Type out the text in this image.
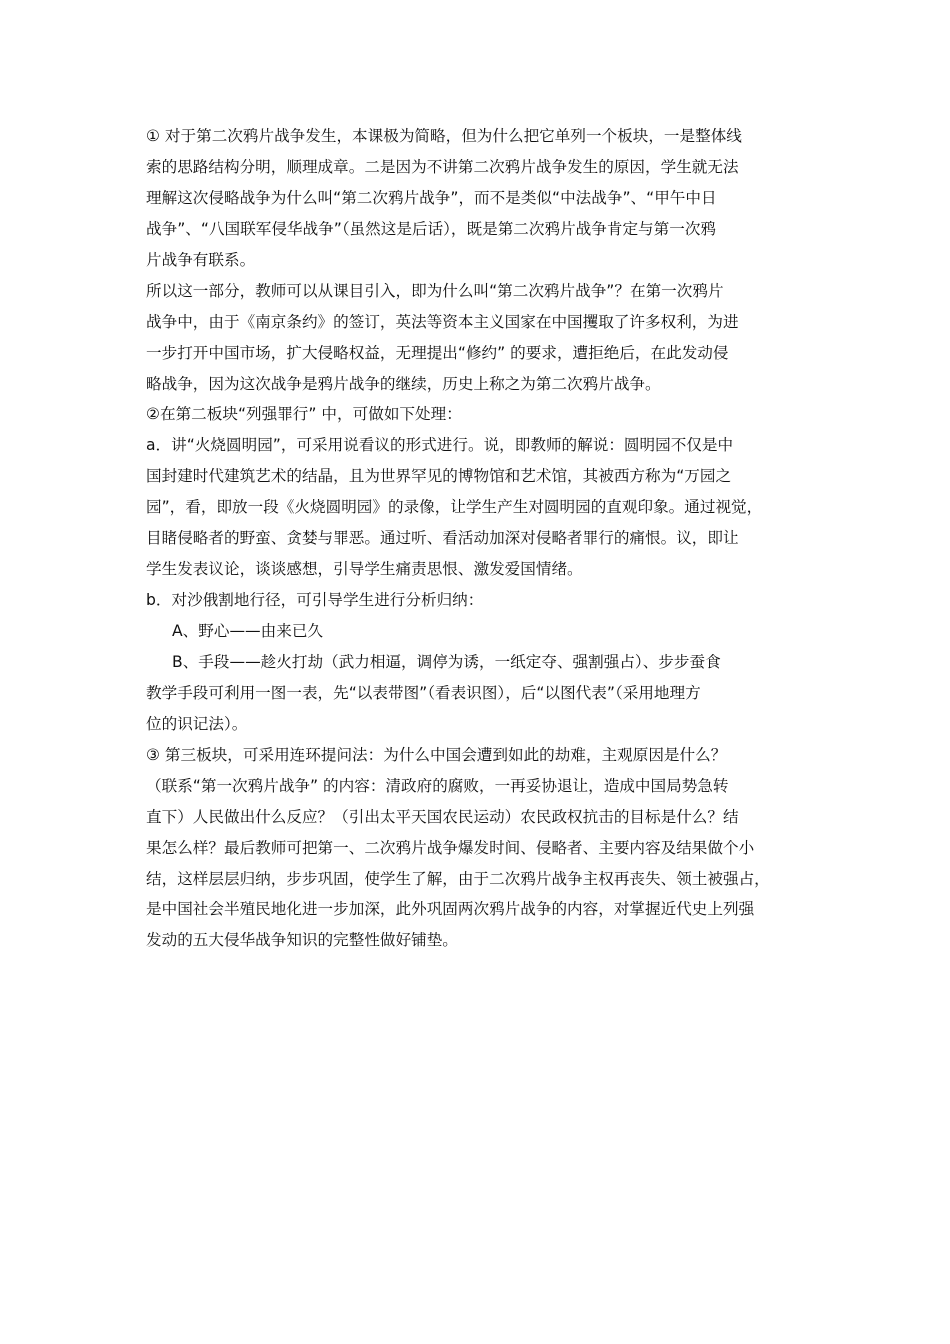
① 对于第二次鸦片战争发生，本课极为简略，但为什么把它单列一个板块，一是整体线
索的思路结构分明，顺理成章。二是因为不讲第二次鸦片战争发生的原因，学生就无法
理解这次侵略战争为什么叫“第二次鸦片战争”，而不是类似“中法战争”、“甲午中日
战争”、“八国联军侵华战争”（虽然这是后话），既是第二次鸦片战争肯定与第一次鸦
片战争有联系。
所以这一部分，教师可以从课目引入，即为什么叫“第二次鸦片战争”？在第一次鸦片
战争中，由于《南京条约》的签订，英法等资本主义国家在中国攫取了许多权利，为进
一步打开中国市场，扩大侵略权益，无理提出“修约” 的要求，遭拒绝后，在此发动侵
略战争，因为这次战争是鸦片战争的继续，历史上称之为第二次鸦片战争。
②在第二板块“列强罪行” 中，可做如下处理：
a．讲“火烧圆明园”，可采用说看议的形式进行。说，即教师的解说：圆明园不仅是中
国封建时代建筑艺术的结晶，且为世界罕见的博物馆和艺术馆，其被西方称为“万园之
园”，看，即放一段《火烧圆明园》的录像，让学生产生对圆明园的直观印象。通过视觉，
目睹侵略者的野蛮、贪婪与罪恶。通过听、看活动加深对侵略者罪行的痛恨。议，即让
学生发表议论，谈谈感想，引导学生痛责思恨、激发爱国情绪。
b．对沙俄割地行径，可引导学生进行分析归纳：
A、野心——由来已久
B、手段——趁火打劫（武力相逼，调停为诱，一纸定夺、强割强占）、步步蚕食
教学手段可利用一图一表，先“以表带图”（看表识图），后“以图代表”（采用地理方
位的识记法）。
③ 第三板块，可采用连环提问法：为什么中国会遭到如此的劫难，主观原因是什么？
（联系“第一次鸦片战争” 的内容：清政府的腐败，一再妥协退让，造成中国局势急转
直下）人民做出什么反应？（引出太平天国农民运动）农民政权抗击的目标是什么？结
果怎么样？最后教师可把第一、二次鸦片战争爆发时间、侵略者、主要内容及结果做个小
结，这样层层归纳，步步巩固，使学生了解，由于二次鸦片战争主权再丧失、领土被强占，
是中国社会半殖民地化进一步加深，此外巩固两次鸦片战争的内容，对掌握近代史上列强
发动的五大侵华战争知识的完整性做好铺垫。
